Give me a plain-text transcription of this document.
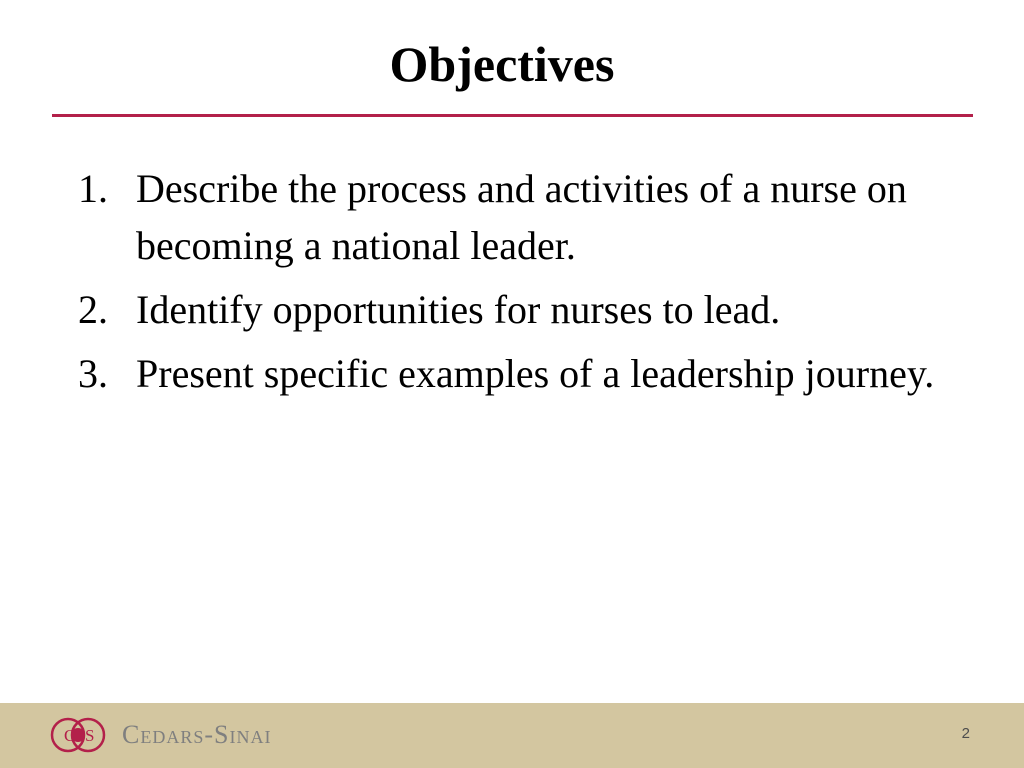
Objectives
1. Describe the process and activities of a nurse on becoming a national leader.
2. Identify opportunities for nurses to lead.
3. Present specific examples of a leadership journey.
C S Cedars-Sinai	2
